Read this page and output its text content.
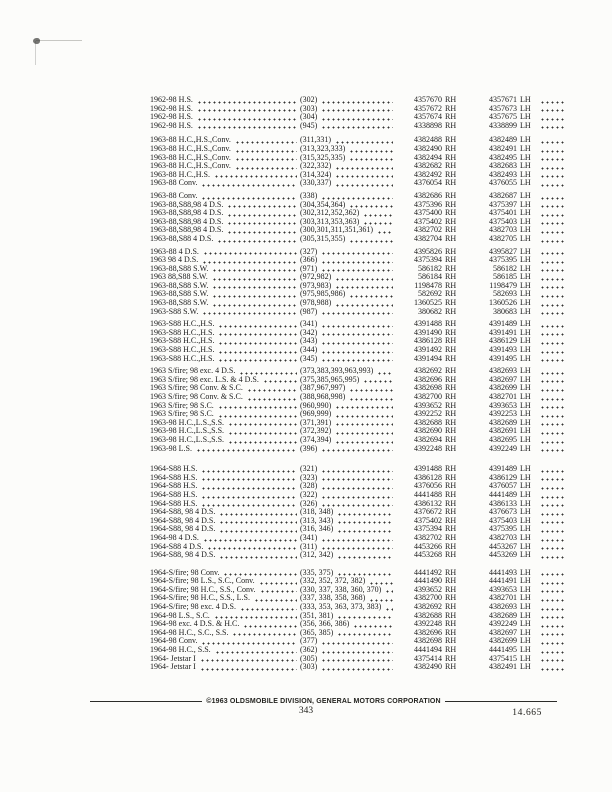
1962-98 H.S.	(302)	4357670 RH	4357671 LH
1962-98 H.S.	(303)	4357672 RH	4357673 LH
1962-98 H.S.	(304)	4357674 RH	4357675 LH
1962-98 H.S.	(945)	4338898 RH	4338899 LH
1963-88 H.C.,H.S.,Conv.	(311,331)	4382488 RH	4382489 LH
1963-88 H.C.,H.S.,Conv.	(313,323,333)	4382490 RH	4382491 LH
1963-88 H.C.,H.S.,Conv.	(315,325,335)	4382494 RH	4382495 LH
1963-88 H.C.,H.S.,Conv.	(322,332)	4382682 RH	4382683 LH
1963-88 H.C.,H.S.	(314,324)	4382492 RH	4382493 LH
1963-88 Conv.	(330,337)	4376054 RH	4376055 LH
1963-88 Conv.	(338)	4382686 RH	4382687 LH
1963-88,S88,98 4 D.S.	(304,354,364)	4375396 RH	4375397 LH
1963-88,S88,98 4 D.S.	(302,312,352,362)	4375400 RH	4375401 LH
1963-88,S88,98 4 D.S.	(303,313,353,363)	4375402 RH	4375403 LH
1963-88,S88,98 4 D.S.	(300,301,311,351,361)	4382702 RH	4382703 LH
1963-88,S88 4 D.S.	(305,315,355)	4382704 RH	4382705 LH
1963-88 4 D.S.	(327)	4395826 RH	4395827 LH
1963 98 4 D.S.	(366)	4375394 RH	4375395 LH
1963-88,S88 S.W.	(971)	586182 RH	586182 LH
1963 88,S88 S.W.	(972,982)	586184 RH	586185 LH
1963-88,S88 S.W.	(973,983)	1198478 RH	1198479 LH
1963-88,S88 S.W.	(975,985,986)	582692 RH	582693 LH
1963-88,S88 S.W.	(978,988)	1360525 RH	1360526 LH
1963-S88 S.W.	(987)	380682 RH	380683 LH
1963-S88 H.C.,H.S.	(341)	4391488 RH	4391489 LH
1963-S88 H.C.,H.S.	(342)	4391490 RH	4391491 LH
1963-S88 H.C.,H.S.	(343)	4386128 RH	4386129 LH
1963-S88 H.C.,H.S.	(344)	4391492 RH	4391493 LH
1963-S88 H.C.,H.S.	(345)	4391494 RH	4391495 LH
1963 S/fire; 98 exc. 4 D.S.	(373,383,393,963,993)	4382692 RH	4382693 LH
1963 S/fire; 98 exc. L.S. & 4 D.S.	(375,385,965,995)	4382696 RH	4382697 LH
1963 S/fire; 98 Conv. & S.C.	(387,967,997)	4382698 RH	4382699 LH
1963 S/fire; 98 Conv. & S.C.	(388,968,998)	4382700 RH	4382701 LH
1963 S/fire; 98 S.C.	(960,990)	4393652 RH	4393653 LH
1963 S/fire; 98 S.C.	(969,999)	4392252 RH	4392253 LH
1963-98 H.C.,L.S.,S.S.	(371,391)	4382688 RH	4382689 LH
1963-98 H.C.,L.S.,S.S.	(372,392)	4382690 RH	4382691 LH
1963-98 H.C.,L.S.,S.S.	(374,394)	4382694 RH	4382695 LH
1963-98 L.S.	(396)	4392248 RH	4392249 LH
1964-S88 H.S.	(321)	4391488 RH	4391489 LH
1964-S88 H.S.	(323)	4386128 RH	4386129 LH
1964-S88 H.S.	(328)	4376056 RH	4376057 LH
1964-S88 H.S.	(322)	4441488 RH	4441489 LH
1964-S88 H.S.	(326)	4386132 RH	4386133 LH
1964-S88, 98 4 D.S.	(318, 348)	4376672 RH	4376673 LH
1964-S88, 98 4 D.S.	(313, 343)	4375402 RH	4375403 LH
1964-S88, 98 4 D.S.	(316, 346)	4375394 RH	4375395 LH
1964-98 4 D.S.	(341)	4382702 RH	4382703 LH
1964-S88 4 D.S.	(311)	4453266 RH	4453267 LH
1964-S88, 98 4 D.S.	(312, 342)	4453268 RH	4453269 LH
1964-S/fire; 98 Conv.	(335, 375)	4441492 RH	4441493 LH
1964-S/fire; 98 L.S., S.C., Conv.	(332, 352, 372, 382)	4441490 RH	4441491 LH
1964-S/fire; 98 H.C., S.S., Conv.	(330, 337, 338, 360, 370)	4393652 RH	4393653 LH
1964-S/fire; 98 H.C., S.S., L.S.	(337, 338, 358, 368)	4382700 RH	4382701 LH
1964-S/fire; 98 exc. 4 D.S.	(333, 353, 363, 373, 383)	4382692 RH	4382693 LH
1964-98 L.S., S.C.	(351, 381)	4382688 RH	4382689 LH
1964-98 exc. 4 D.S. & H.C.	(356, 366, 386)	4392248 RH	4392249 LH
1964-98 H.C., S.C., S.S.	(365, 385)	4382696 RH	4382697 LH
1964-98 Conv.	(377)	4382698 RH	4382699 LH
1964-98 H.C., S.S.	(362)	4441494 RH	4441495 LH
1964- Jetstar I	(305)	4375414 RH	4375415 LH
1964- Jetstar I	(303)	4382490 RH	4382491 LH
©1963 OLDSMOBILE DIVISION, GENERAL MOTORS CORPORATION
343	14.665
